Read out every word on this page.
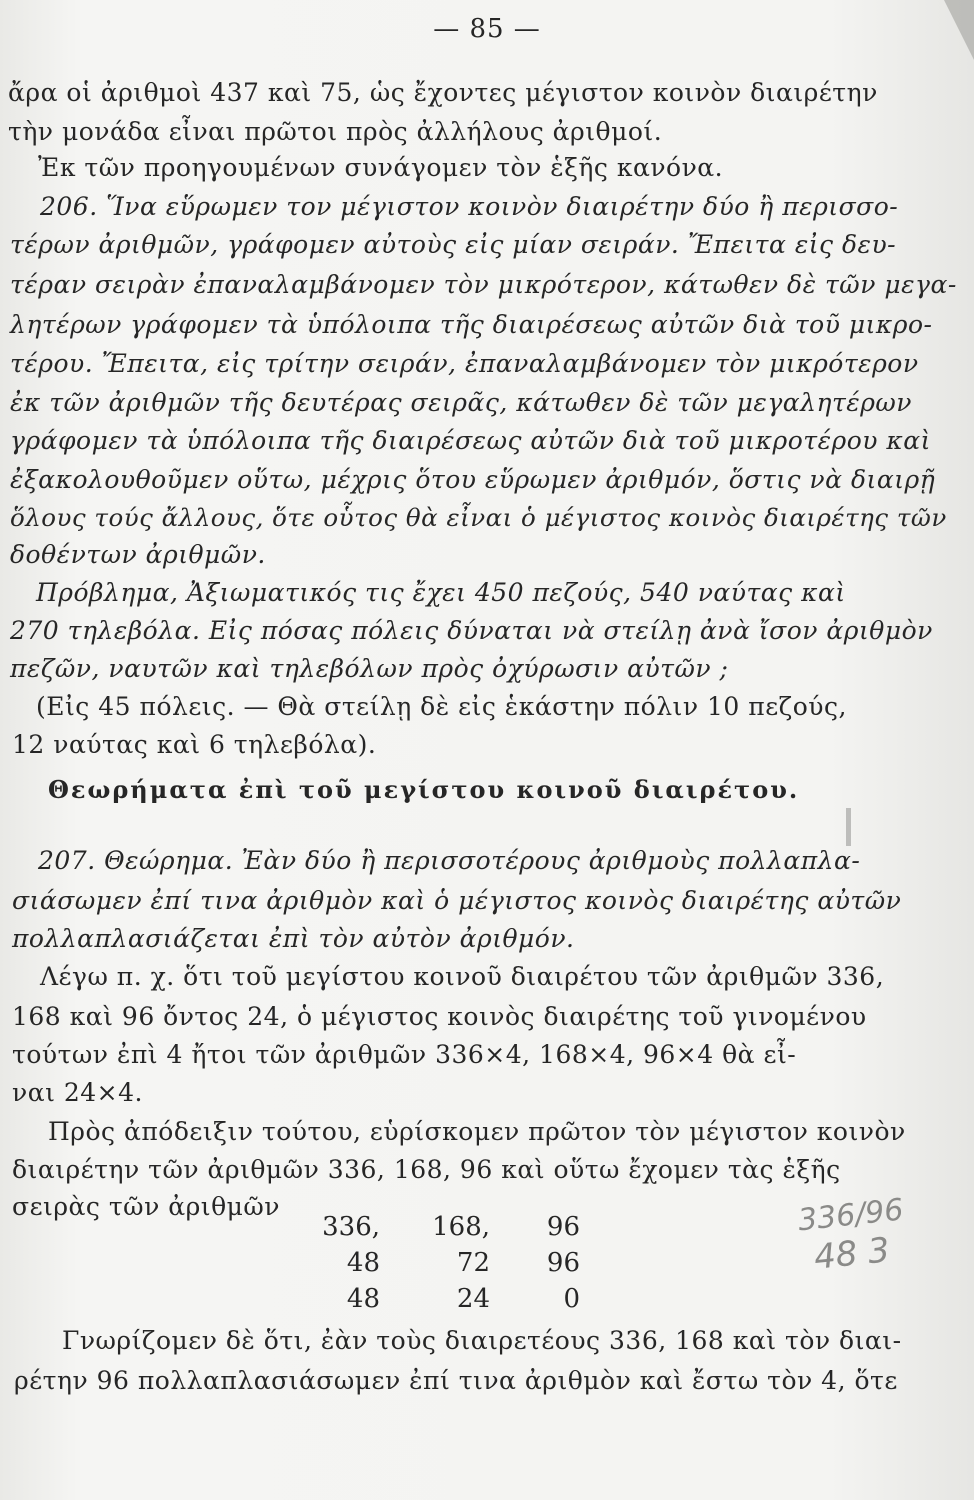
— 85 —
ἄρα οἱ ἀριθμοὶ 437 καὶ 75, ὡς ἔχοντες μέγιστον κοινὸν διαιρέτην
τὴν μονάδα εἶναι πρῶτοι πρὸς ἀλλήλους ἀριθμοί.
Ἐκ τῶν προηγουμένων συνάγομεν τὸν ἑξῆς κανόνα.
206. Ἵνα εὕρωμεν τον μέγιστον κοινὸν διαιρέτην δύο ἢ περισσο-
τέρων ἀριθμῶν, γράφομεν αὐτοὺς εἰς μίαν σειράν. Ἔπειτα εἰς δευ-
τέραν σειρὰν ἐπαναλαμβάνομεν τὸν μικρότερον, κάτωθεν δὲ τῶν μεγα-
λητέρων γράφομεν τὰ ὑπόλοιπα τῆς διαιρέσεως αὐτῶν διὰ τοῦ μικρο-
τέρου. Ἔπειτα, εἰς τρίτην σειράν, ἐπαναλαμβάνομεν τὸν μικρότερον
ἐκ τῶν ἀριθμῶν τῆς δευτέρας σειρᾶς, κάτωθεν δὲ τῶν μεγαλητέρων
γράφομεν τὰ ὑπόλοιπα τῆς διαιρέσεως αὐτῶν διὰ τοῦ μικροτέρου καὶ
ἐξακολουθοῦμεν οὕτω, μέχρις ὅτου εὕρωμεν ἀριθμόν, ὅστις νὰ διαιρῇ
ὅλους τούς ἄλλους, ὅτε οὗτος θὰ εἶναι ὁ μέγιστος κοινὸς διαιρέτης τῶν
δοθέντων ἀριθμῶν.
Πρόβλημα, Ἀξιωματικός τις ἔχει 450 πεζούς, 540 ναύτας καὶ
270 τηλεβόλα. Εἰς πόσας πόλεις δύναται νὰ στείλῃ ἀνὰ ἴσον ἀριθμὸν
πεζῶν, ναυτῶν καὶ τηλεβόλων πρὸς ὀχύρωσιν αὐτῶν ;
(Εἰς 45 πόλεις. — Θὰ στείλῃ δὲ εἰς ἑκάστην πόλιν 10 πεζούς,
12 ναύτας καὶ 6 τηλεβόλα).
Θεωρήματα ἐπὶ τοῦ μεγίστου κοινοῦ διαιρέτου.
207. Θεώρημα. Ἐὰν δύο ἢ περισσοτέρους ἀριθμοὺς πολλαπλα-
σιάσωμεν ἐπί τινα ἀριθμὸν καὶ ὁ μέγιστος κοινὸς διαιρέτης αὐτῶν
πολλαπλασιάζεται ἐπὶ τὸν αὐτὸν ἀριθμόν.
Λέγω π. χ. ὅτι τοῦ μεγίστου κοινοῦ διαιρέτου τῶν ἀριθμῶν 336,
168 καὶ 96 ὄντος 24, ὁ μέγιστος κοινὸς διαιρέτης τοῦ γινομένου
τούτων ἐπὶ 4 ἤτοι τῶν ἀριθμῶν 336×4, 168×4, 96×4 θὰ εἶ-
ναι 24×4.
Πρὸς ἀπόδειξιν τούτου, εὑρίσκομεν πρῶτον τὸν μέγιστον κοινὸν
διαιρέτην τῶν ἀριθμῶν 336, 168, 96 καὶ οὕτω ἔχομεν τὰς ἑξῆς
σειρὰς τῶν ἀριθμῶν
336,	168,	96
48	72	96
48	24	0
336/96
48 3
Γνωρίζομεν δὲ ὅτι, ἐὰν τοὺς διαιρετέους 336, 168 καὶ τὸν διαι-
ρέτην 96 πολλαπλασιάσωμεν ἐπί τινα ἀριθμὸν καὶ ἔστω τὸν 4, ὅτε
